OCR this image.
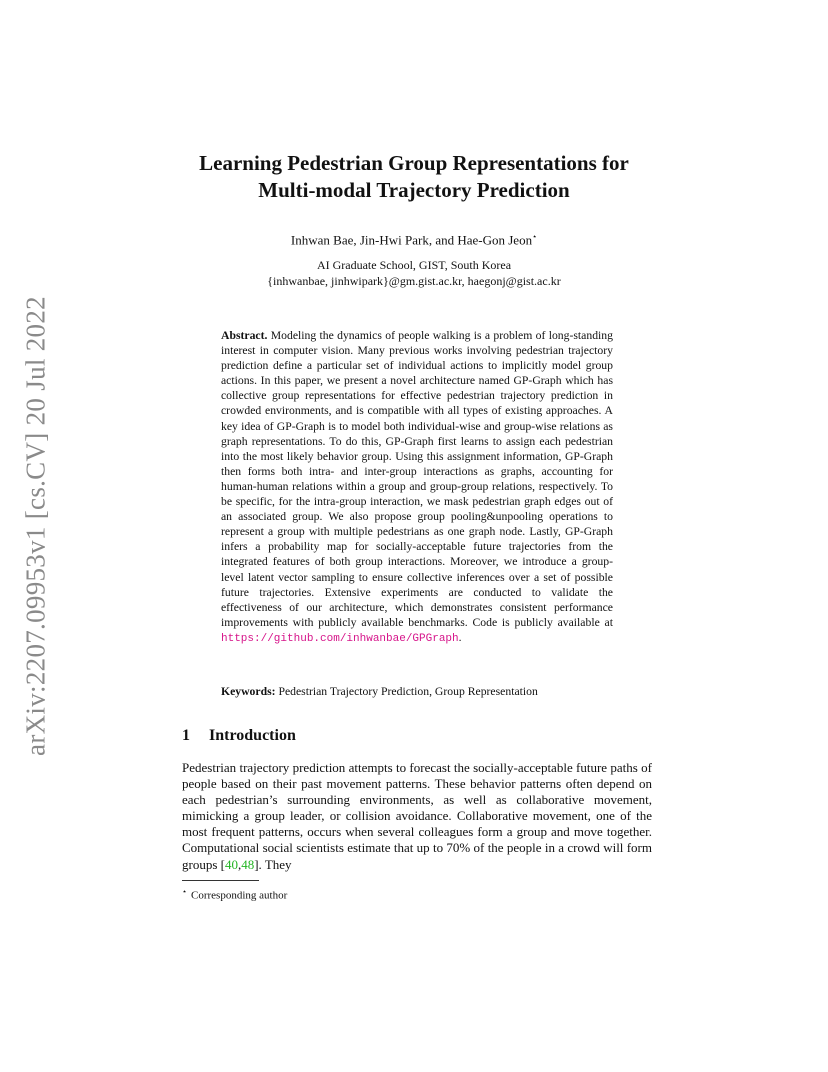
arXiv:2207.09953v1 [cs.CV] 20 Jul 2022
Learning Pedestrian Group Representations for
Multi-modal Trajectory Prediction
Inhwan Bae, Jin-Hwi Park, and Hae-Gon Jeon⋆
AI Graduate School, GIST, South Korea
{inhwanbae, jinhwipark}@gm.gist.ac.kr, haegonj@gist.ac.kr
Abstract. Modeling the dynamics of people walking is a problem of long-standing interest in computer vision. Many previous works involving pedestrian trajectory prediction define a particular set of individual actions to implicitly model group actions. In this paper, we present a novel architecture named GP-Graph which has collective group representations for effective pedestrian trajectory prediction in crowded environments, and is compatible with all types of existing approaches. A key idea of GP-Graph is to model both individual-wise and group-wise relations as graph representations. To do this, GP-Graph first learns to assign each pedestrian into the most likely behavior group. Using this assignment information, GP-Graph then forms both intra- and inter-group interactions as graphs, accounting for human-human relations within a group and group-group relations, respectively. To be specific, for the intra-group interaction, we mask pedestrian graph edges out of an associated group. We also propose group pooling&unpooling operations to represent a group with multiple pedestrians as one graph node. Lastly, GP-Graph infers a probability map for socially-acceptable future trajectories from the integrated features of both group interactions. Moreover, we introduce a group-level latent vector sampling to ensure collective inferences over a set of possible future trajectories. Extensive experiments are conducted to validate the effectiveness of our architecture, which demonstrates consistent performance improvements with publicly available benchmarks. Code is publicly available at https://github.com/inhwanbae/GPGraph.
Keywords: Pedestrian Trajectory Prediction, Group Representation
1 Introduction
Pedestrian trajectory prediction attempts to forecast the socially-acceptable future paths of people based on their past movement patterns. These behavior patterns often depend on each pedestrian’s surrounding environments, as well as collaborative movement, mimicking a group leader, or collision avoidance. Collaborative movement, one of the most frequent patterns, occurs when several colleagues form a group and move together. Computational social scientists estimate that up to 70% of the people in a crowd will form groups [40,48]. They
⋆ Corresponding author
